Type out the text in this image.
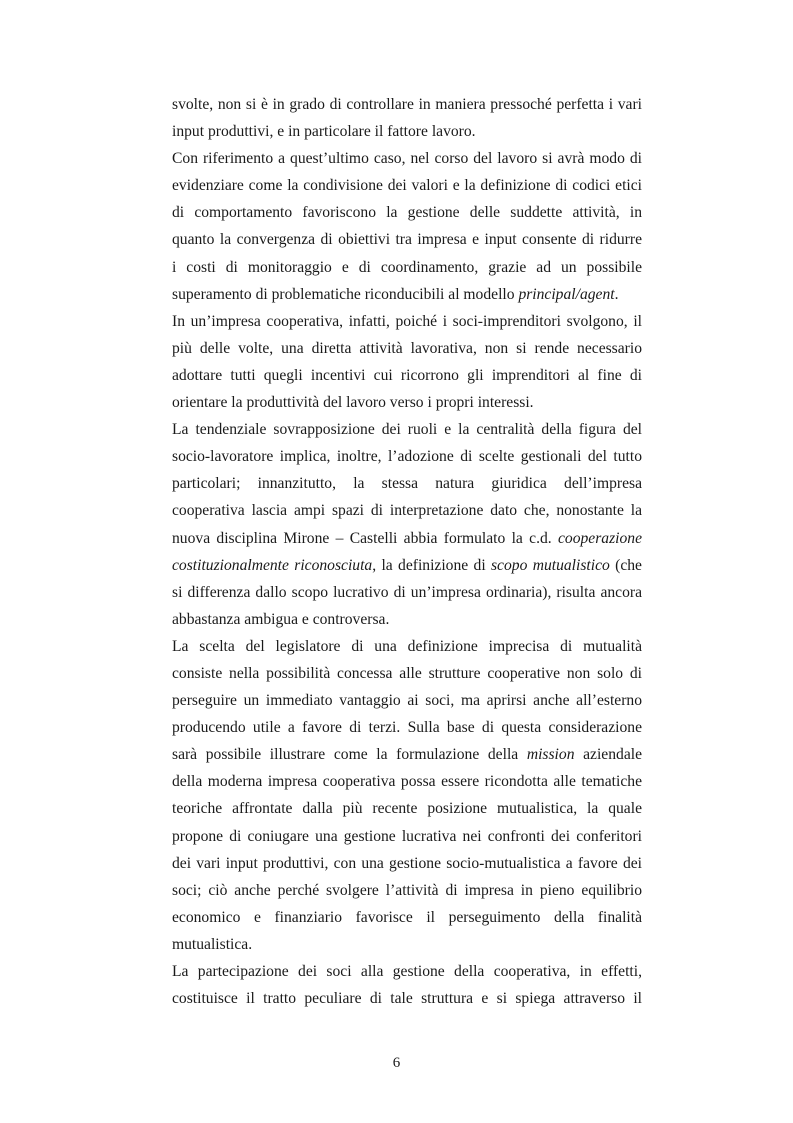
svolte, non si è in grado di controllare in maniera pressoché perfetta i vari
input produttivi, e in particolare il fattore lavoro.

Con riferimento a quest’ultimo caso, nel corso del lavoro si avrà modo di
evidenziare come la condivisione dei valori e la definizione di codici etici
di comportamento favoriscono la gestione delle suddette attività, in
quanto la convergenza di obiettivi tra impresa e input consente di ridurre
i costi di monitoraggio e di coordinamento, grazie ad un possibile
superamento di problematiche riconducibili al modello principal/agent.

In un’impresa cooperativa, infatti, poiché i soci-imprenditori svolgono, il
più delle volte, una diretta attività lavorativa, non si rende necessario
adottare tutti quegli incentivi cui ricorrono gli imprenditori al fine di
orientare la produttività del lavoro verso i propri interessi.

La tendenziale sovrapposizione dei ruoli e la centralità della figura del
socio-lavoratore implica, inoltre, l’adozione di scelte gestionali del tutto
particolari; innanzitutto, la stessa natura giuridica dell’impresa
cooperativa lascia ampi spazi di interpretazione dato che, nonostante la
nuova disciplina Mirone – Castelli abbia formulato la c.d. cooperazione
costituzionalmente riconosciuta, la definizione di scopo mutualistico (che
si differenza dallo scopo lucrativo di un’impresa ordinaria), risulta ancora
abbastanza ambigua e controversa.

La scelta del legislatore di una definizione imprecisa di mutualità
consiste nella possibilità concessa alle strutture cooperative non solo di
perseguire un immediato vantaggio ai soci, ma aprirsi anche all’esterno
producendo utile a favore di terzi. Sulla base di questa considerazione
sarà possibile illustrare come la formulazione della mission aziendale
della moderna impresa cooperativa possa essere ricondotta alle tematiche
teoriche affrontate dalla più recente posizione mutualistica, la quale
propone di coniugare una gestione lucrativa nei confronti dei conferitori
dei vari input produttivi, con una gestione socio-mutualistica a favore dei
soci; ciò anche perché svolgere l’attività di impresa in pieno equilibrio
economico e finanziario favorisce il perseguimento della finalità
mutualistica.

La partecipazione dei soci alla gestione della cooperativa, in effetti,
costituisce il tratto peculiare di tale struttura e si spiega attraverso il

6
